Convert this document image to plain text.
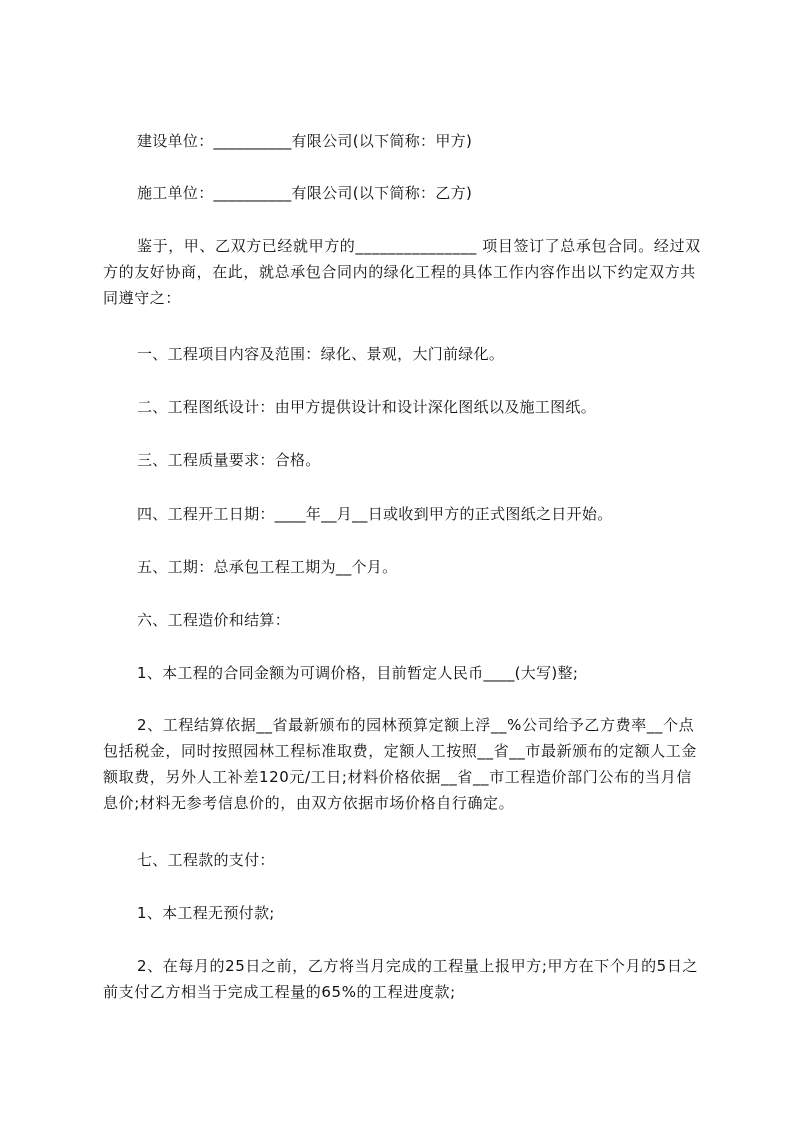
建设单位：__________有限公司(以下简称：甲方)
施工单位：__________有限公司(以下简称：乙方)
鉴于，甲、乙双方已经就甲方的_______________ 项目签订了总承包合同。经过双方的友好协商，在此，就总承包合同内的绿化工程的具体工作内容作出以下约定双方共同遵守之：
一、工程项目内容及范围：绿化、景观，大门前绿化。
二、工程图纸设计：由甲方提供设计和设计深化图纸以及施工图纸。
三、工程质量要求：合格。
四、工程开工日期：____年__月__日或收到甲方的正式图纸之日开始。
五、工期：总承包工程工期为__个月。
六、工程造价和结算：
1、本工程的合同金额为可调价格，目前暂定人民币____(大写)整;
2、工程结算依据__省最新颁布的园林预算定额上浮__%公司给予乙方费率__个点包括税金，同时按照园林工程标准取费，定额人工按照__省__市最新颁布的定额人工金额取费，另外人工补差120元/工日;材料价格依据__省__市工程造价部门公布的当月信息价;材料无参考信息价的，由双方依据市场价格自行确定。
七、工程款的支付：
1、本工程无预付款;
2、在每月的25日之前，乙方将当月完成的工程量上报甲方;甲方在下个月的5日之前支付乙方相当于完成工程量的65%的工程进度款;
